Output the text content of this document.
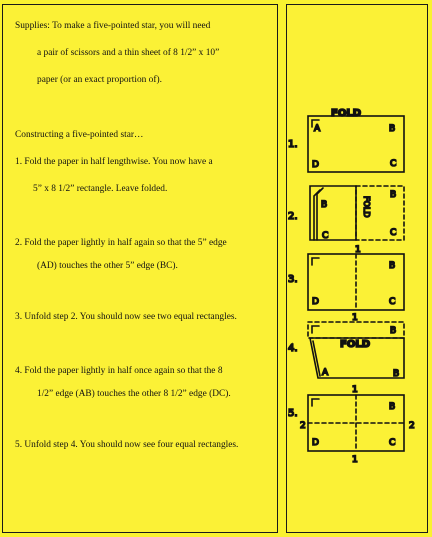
Supplies: To make a five-pointed star, you will need
a pair of scissors and a thin sheet of 8 1/2” x 10”
paper (or an exact proportion of).
Constructing a five-pointed star…
1. Fold the paper in half lengthwise. You now have a
5” x 8 1/2” rectangle. Leave folded.
2. Fold the paper lightly in half again so that the 5” edge
(AD) touches the other 5” edge (BC).
3. Unfold step 2. You should now see two equal rectangles.
4. Fold the paper lightly in half once again so that the 8
1/2” edge (AB) touches the other 8 1/2” edge (DC).
5. Unfold step 4. You should now see four equal rectangles.
FOLD
1.
A	B
D	C
2.
B
C
B
C
FOLD
1
3.
B
D	C
1
4.
B
FOLD
A	B
1
5.
2
B
D	C
2
1
